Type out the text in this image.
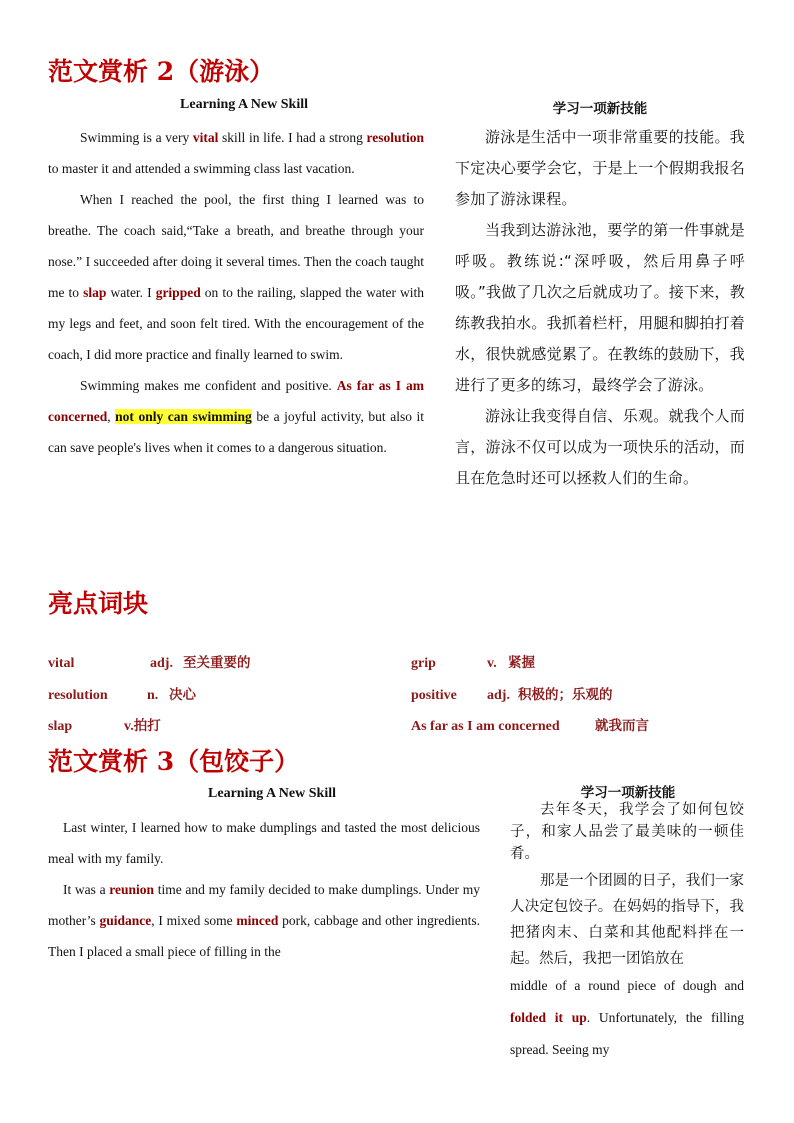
范文赏析 2（游泳）
Learning A New Skill	学习一项新技能

Swimming is a very vital skill in life. I had a strong resolution to master it and attended a swimming class last vacation.

When I reached the pool, the first thing I learned was to breathe. The coach said,“Take a breath, and breathe through your nose.” I succeeded after doing it several times. Then the coach taught me to slap water. I gripped on to the railing, slapped the water with my legs and feet, and soon felt tired. With the encouragement of the coach, I did more practice and finally learned to swim.

Swimming makes me confident and positive. As far as I am concerned, not only can swimming be a joyful activity, but also it can save people's lives when it comes to a dangerous situation.

游泳是生活中一项非常重要的技能。我下定决心要学会它，于是上一个假期我报名参加了游泳课程。

当我到达游泳池，要学的第一件事就是呼吸。教练说:“深呼吸，然后用鼻子呼吸。”我做了几次之后就成功了。接下来，教练教我拍水。我抓着栏杆，用腿和脚拍打着水，很快就感觉累了。在教练的鼓励下，我进行了更多的练习，最终学会了游泳。

游泳让我变得自信、乐观。就我个人而言，游泳不仅可以成为一项快乐的活动，而且在危急时还可以拯救人们的生命。

亮点词块
vital	adj. 至关重要的	grip	v. 紧握
resolution	n. 决心	positive adj. 积极的；乐观的
slap	v.拍打	As far as I am concerned	就我而言
范文赏析 3（包饺子）
Learning A New Skill	学习一项新技能

Last winter, I learned how to make dumplings and tasted the most delicious meal with my family.

It was a reunion time and my family decided to make dumplings. Under my mother’s guidance, I mixed some minced pork, cabbage and other ingredients. Then I placed a small piece of filling in the

去年冬天，我学会了如何包饺子，和家人品尝了最美味的一顿佳肴。

那是一个团圆的日子，我们一家人决定包饺子。在妈妈的指导下，我把猪肉末、白菜和其他配料拌在一起。然后，我把一团馅放在

middle of a round piece of dough and folded it up. Unfortunately, the filling spread. Seeing my
